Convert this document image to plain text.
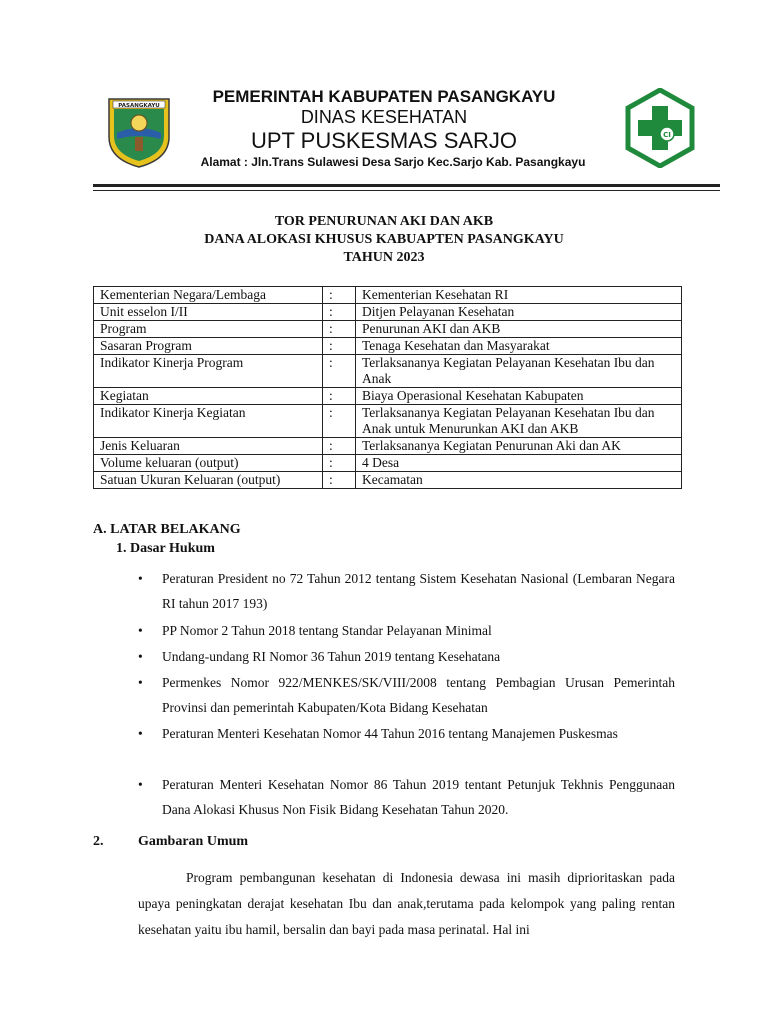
PASANGKAYU	PEMERINTAH KABUPATEN PASANGKAYU
DINAS KESEHATAN
UPT PUSKESMAS SARJO
Alamat : Jln.Trans Sulawesi Desa Sarjo Kec.Sarjo Kab. Pasangkayu
CI
TOR PENURUNAN AKI DAN AKB
DANA ALOKASI KHUSUS KABUAPTEN PASANGKAYU
TAHUN 2023
Kementerian Negara/Lembaga	:	Kementerian Kesehatan RI
Unit esselon I/II	:	Ditjen Pelayanan Kesehatan
Program	:	Penurunan AKI dan AKB
Sasaran Program	:	Tenaga Kesehatan dan Masyarakat
Indikator Kinerja Program	:	Terlaksananya Kegiatan Pelayanan Kesehatan Ibu dan Anak
Kegiatan	:	Biaya Operasional Kesehatan Kabupaten
Indikator Kinerja Kegiatan	:	Terlaksananya Kegiatan Pelayanan Kesehatan Ibu dan Anak untuk Menurunkan AKI dan AKB
Jenis Keluaran	:	Terlaksananya Kegiatan Penurunan Aki dan AK
Volume keluaran (output)	:	4 Desa
Satuan Ukuran Keluaran (output)	:	Kecamatan
A. LATAR BELAKANG
1. Dasar Hukum
• Peraturan President no 72 Tahun 2012 tentang Sistem Kesehatan Nasional (Lembaran Negara RI tahun 2017 193)
• PP Nomor 2 Tahun 2018 tentang Standar Pelayanan Minimal
• Undang-undang RI Nomor 36 Tahun 2019 tentang Kesehatana
• Permenkes Nomor 922/MENKES/SK/VIII/2008 tentang Pembagian Urusan Pemerintah Provinsi dan pemerintah Kabupaten/Kota Bidang Kesehatan
• Peraturan Menteri Kesehatan Nomor 44 Tahun 2016 tentang Manajemen Puskesmas
• Peraturan Menteri Kesehatan Nomor 86 Tahun 2019 tentant Petunjuk Tekhnis Penggunaan Dana Alokasi Khusus Non Fisik Bidang Kesehatan Tahun 2020.
2. Gambaran Umum
Program pembangunan kesehatan di Indonesia dewasa ini masih diprioritaskan pada upaya peningkatan derajat kesehatan Ibu dan anak,terutama pada kelompok yang paling rentan kesehatan yaitu ibu hamil, bersalin dan bayi pada masa perinatal. Hal ini
